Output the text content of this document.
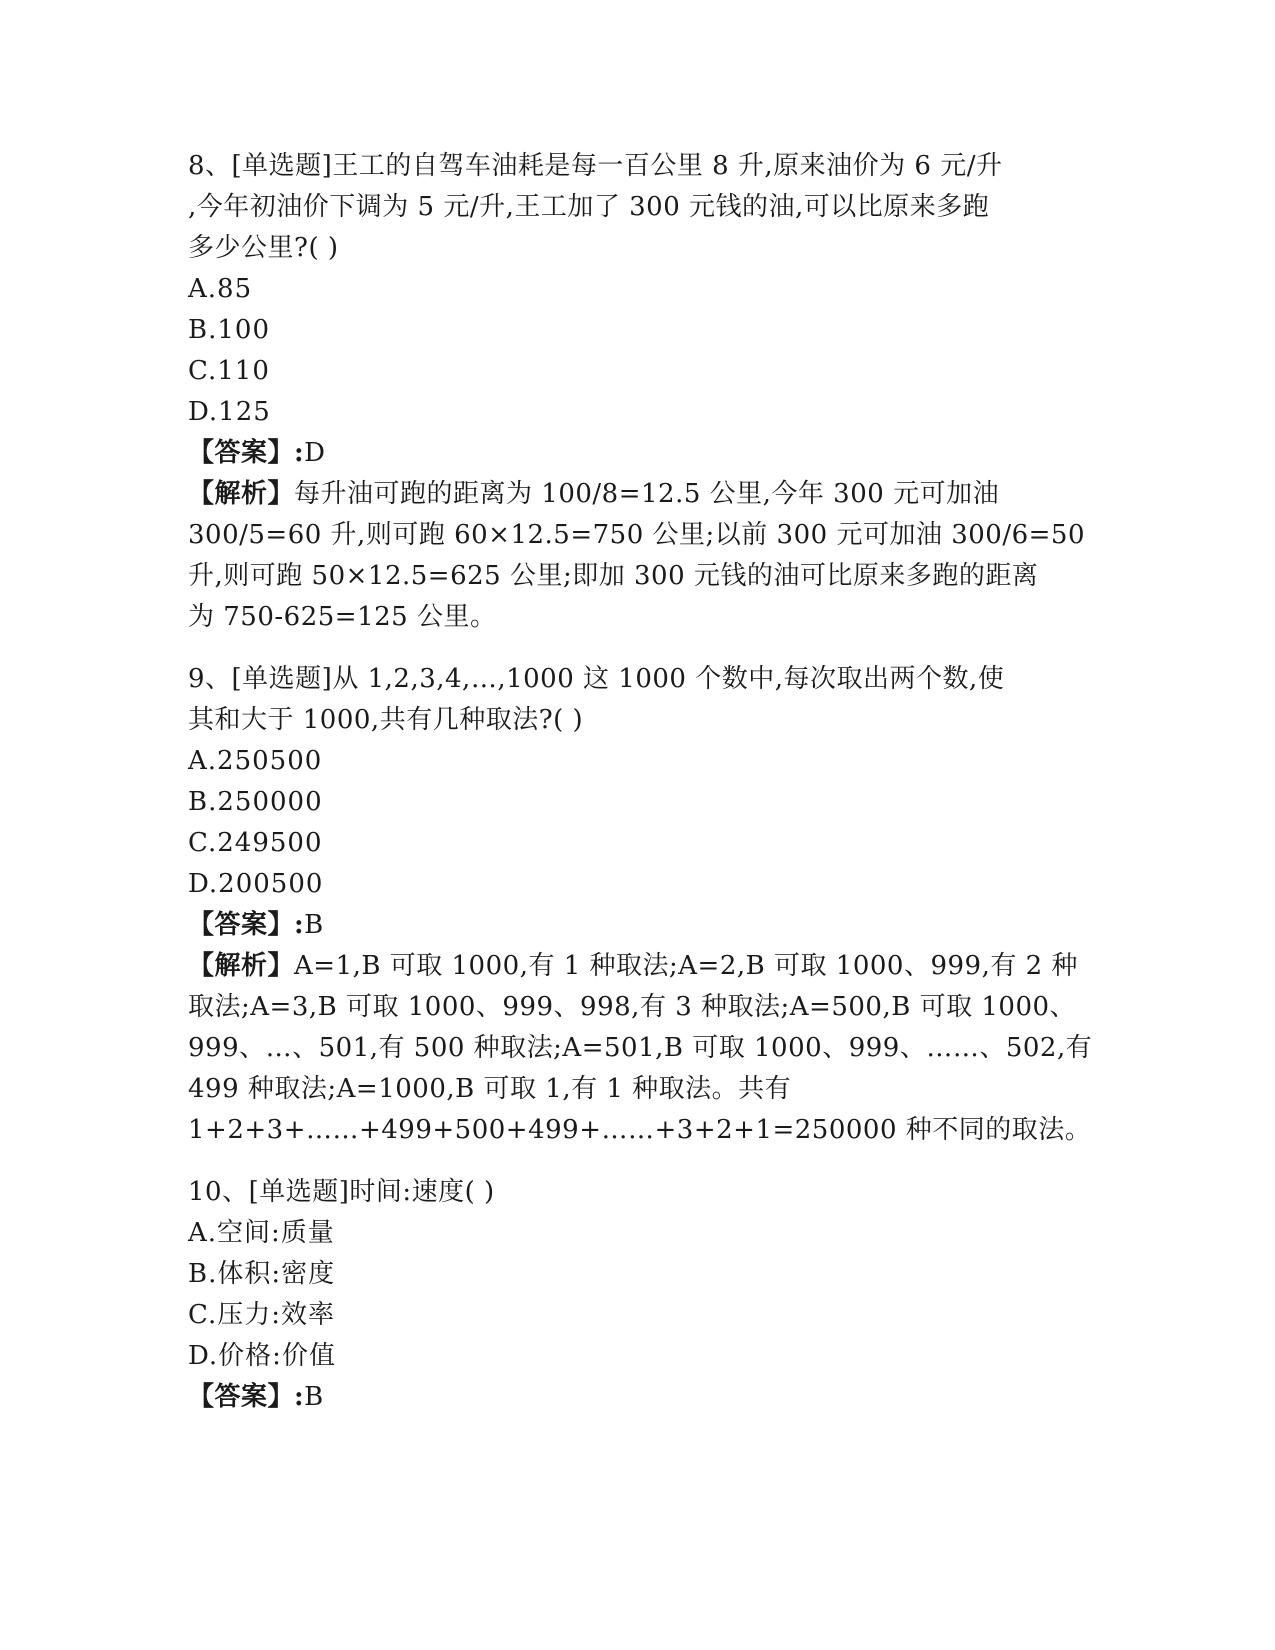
8、[单选题]王工的自驾车油耗是每一百公里 8 升,原来油价为 6 元/升
,今年初油价下调为 5 元/升,王工加了 300 元钱的油,可以比原来多跑
多少公里?( )
A.85
B.100
C.110
D.125
【答案】:D
【解析】每升油可跑的距离为 100/8=12.5 公里,今年 300 元可加油
300/5=60 升,则可跑 60×12.5=750 公里;以前 300 元可加油 300/6=50
升,则可跑 50×12.5=625 公里;即加 300 元钱的油可比原来多跑的距离
为 750-625=125 公里。
9、[单选题]从 1,2,3,4,…,1000 这 1000 个数中,每次取出两个数,使
其和大于 1000,共有几种取法?( )
A.250500
B.250000
C.249500
D.200500
【答案】:B
【解析】A=1,B 可取 1000,有 1 种取法;A=2,B 可取 1000、999,有 2 种
取法;A=3,B 可取 1000、999、998,有 3 种取法;A=500,B 可取 1000、
999、…、501,有 500 种取法;A=501,B 可取 1000、999、……、502,有
499 种取法;A=1000,B 可取 1,有 1 种取法。共有
1+2+3+……+499+500+499+……+3+2+1=250000 种不同的取法。
10、[单选题]时间:速度( )
A.空间:质量
B.体积:密度
C.压力:效率
D.价格:价值
【答案】:B
